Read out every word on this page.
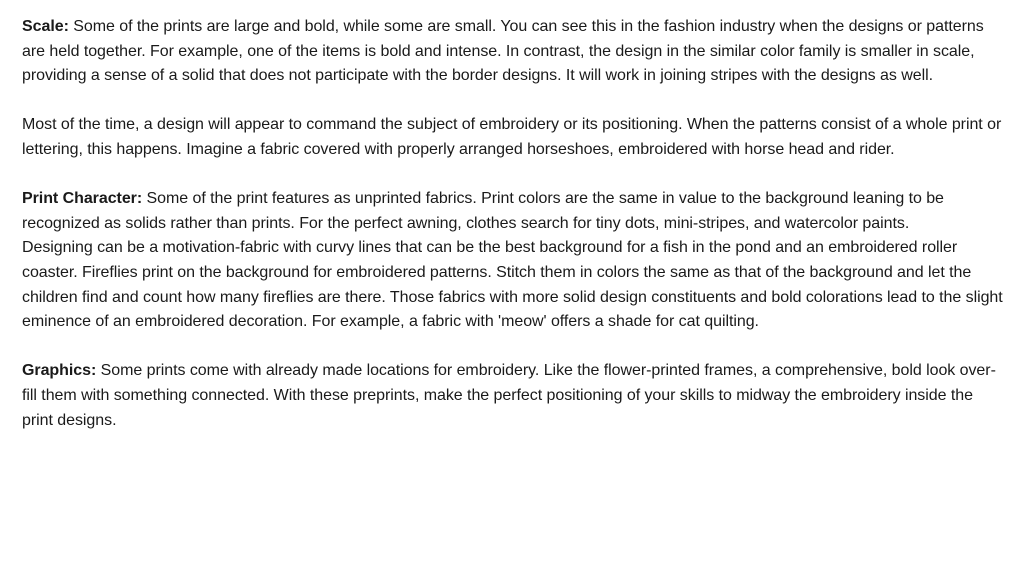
Scale: Some of the prints are large and bold, while some are small. You can see this in the fashion industry when the designs or patterns are held together. For example, one of the items is bold and intense. In contrast, the design in the similar color family is smaller in scale, providing a sense of a solid that does not participate with the border designs. It will work in joining stripes with the designs as well.

Most of the time, a design will appear to command the subject of embroidery or its positioning. When the patterns consist of a whole print or lettering, this happens. Imagine a fabric covered with properly arranged horseshoes, embroidered with horse head and rider.

Print Character: Some of the print features as unprinted fabrics. Print colors are the same in value to the background leaning to be recognized as solids rather than prints. For the perfect awning, clothes search for tiny dots, mini-stripes, and watercolor paints.

Designing can be a motivation-fabric with curvy lines that can be the best background for a fish in the pond and an embroidered roller coaster. Fireflies print on the background for embroidered patterns. Stitch them in colors the same as that of the background and let the children find and count how many fireflies are there. Those fabrics with more solid design constituents and bold colorations lead to the slight eminence of an embroidered decoration. For example, a fabric with 'meow' offers a shade for cat quilting.

Graphics: Some prints come with already made locations for embroidery. Like the flower-printed frames, a comprehensive, bold look over-fill them with something connected. With these preprints, make the perfect positioning of your skills to midway the embroidery inside the print designs.
